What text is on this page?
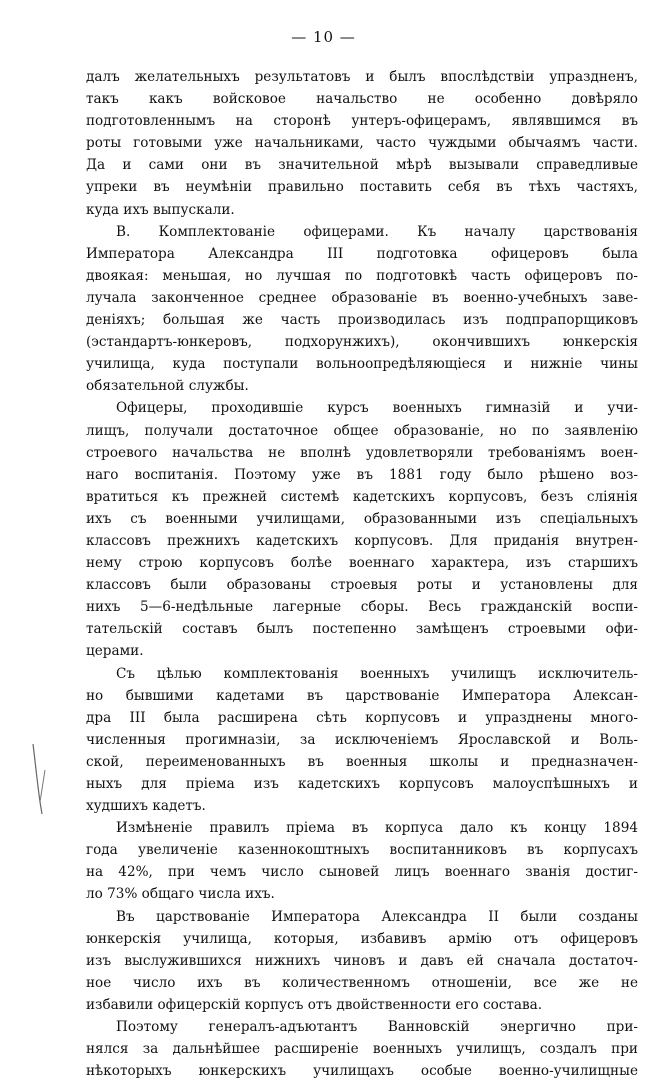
— 10 —
далъ желательныхъ результатовъ и былъ впослѣдствіи упраздненъ,
такъ какъ войсковое начальство не особенно довѣряло
подготовленнымъ на сторонѣ унтеръ-офицерамъ, являвшимся въ
роты готовыми уже начальниками, часто чуждыми обычаямъ части.
Да и сами они въ значительной мѣрѣ вызывали справедливые
упреки въ неумѣніи правильно поставить себя въ тѣхъ частяхъ,
куда ихъ выпускали.
В. Комплектованіе офицерами. Къ началу царствованія
Императора Александра III подготовка офицеровъ была
двоякая: меньшая, но лучшая по подготовкѣ часть офицеровъ по-
лучала законченное среднее образованіе въ военно-учебныхъ заве-
деніяхъ; большая же часть производилась изъ подпрапорщиковъ
(эстандартъ-юнкеровъ, подхорунжихъ), окончившихъ юнкерскія
училища, куда поступали вольноопредѣляющіеся и нижніе чины
обязательной службы.
Офицеры, проходившіе курсъ военныхъ гимназій и учи-
лищъ, получали достаточное общее образованіе, но по заявленію
строевого начальства не вполнѣ удовлетворяли требованіямъ воен-
наго воспитанія. Поэтому уже въ 1881 году было рѣшено воз-
вратиться къ прежней системѣ кадетскихъ корпусовъ, безъ слiянія
ихъ съ военными училищами, образованными изъ спеціальныхъ
классовъ прежнихъ кадетскихъ корпусовъ. Для приданія внутрен-
нему строю корпусовъ болѣе военнаго характера, изъ старшихъ
классовъ были образованы строевыя роты и установлены для
нихъ 5—6-недѣльные лагерные сборы. Весь гражданскій воспи-
тательскій составъ былъ постепенно замѣщенъ строевыми офи-
церами.
Съ цѣлью комплектованія военныхъ училищъ исключитель-
но бывшими кадетами въ царствованіе Императора Алексан-
дра III была расширена сѣть корпусовъ и упразднены много-
численныя прогимназіи, за исключеніемъ Ярославской и Воль-
ской, переименованныхъ въ военныя школы и предназначен-
ныхъ для пріема изъ кадетскихъ корпусовъ малоуспѣшныхъ и
худшихъ кадетъ.
Измѣненіе правилъ пріема въ корпуса дало къ концу 1894
года увеличеніе казеннокоштныхъ воспитанниковъ въ корпусахъ
на 42%, при чемъ число сыновей лицъ военнаго званія достиг-
ло 73% общаго числа ихъ.
Въ царствованіе Императора Александра II были созданы
юнкерскія училища, которыя, избавивъ армію отъ офицеровъ
изъ выслужившихся нижнихъ чиновъ и давъ ей сначала достаточ-
ное число ихъ въ количественномъ отношеніи, все же не
избавили офицерскій корпусъ отъ двойственности его состава.
Поэтому генералъ-адъютантъ Ванновскій энергично при-
нялся за дальнѣйшее расширеніе военныхъ училищъ, создалъ при
нѣкоторыхъ юнкерскихъ училищахъ особые военно-училищные
